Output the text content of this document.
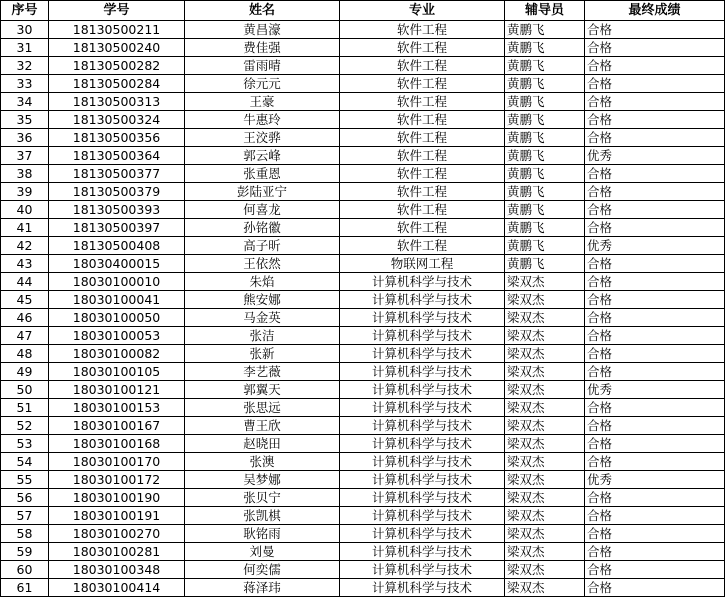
序号	学号	姓名	专业	辅导员	最终成绩
30	18130500211	黄昌濠	软件工程	黄鹏飞	合格
31	18130500240	费佳强	软件工程	黄鹏飞	合格
32	18130500282	雷雨晴	软件工程	黄鹏飞	合格
33	18130500284	徐元元	软件工程	黄鹏飞	合格
34	18130500313	王豪	软件工程	黄鹏飞	合格
35	18130500324	牛惠玲	软件工程	黄鹏飞	合格
36	18130500356	王洨骅	软件工程	黄鹏飞	合格
37	18130500364	郭云峰	软件工程	黄鹏飞	优秀
38	18130500377	张重恩	软件工程	黄鹏飞	合格
39	18130500379	彭陆亚宁	软件工程	黄鹏飞	合格
40	18130500393	何喜龙	软件工程	黄鹏飞	合格
41	18130500397	孙铭徽	软件工程	黄鹏飞	合格
42	18130500408	高子昕	软件工程	黄鹏飞	优秀
43	18030400015	王依然	物联网工程	黄鹏飞	合格
44	18030100010	朱焰	计算机科学与技术	梁双杰	合格
45	18030100041	熊安娜	计算机科学与技术	梁双杰	合格
46	18030100050	马金英	计算机科学与技术	梁双杰	合格
47	18030100053	张洁	计算机科学与技术	梁双杰	合格
48	18030100082	张新	计算机科学与技术	梁双杰	合格
49	18030100105	李艺薇	计算机科学与技术	梁双杰	合格
50	18030100121	郭翼天	计算机科学与技术	梁双杰	优秀
51	18030100153	张思远	计算机科学与技术	梁双杰	合格
52	18030100167	曹王欣	计算机科学与技术	梁双杰	合格
53	18030100168	赵晓田	计算机科学与技术	梁双杰	合格
54	18030100170	张澳	计算机科学与技术	梁双杰	合格
55	18030100172	吴梦娜	计算机科学与技术	梁双杰	优秀
56	18030100190	张贝宁	计算机科学与技术	梁双杰	合格
57	18030100191	张凯棋	计算机科学与技术	梁双杰	合格
58	18030100270	耿铭雨	计算机科学与技术	梁双杰	合格
59	18030100281	刘曼	计算机科学与技术	梁双杰	合格
60	18030100348	何奕儒	计算机科学与技术	梁双杰	合格
61	18030100414	蒋泽玮	计算机科学与技术	梁双杰	合格
